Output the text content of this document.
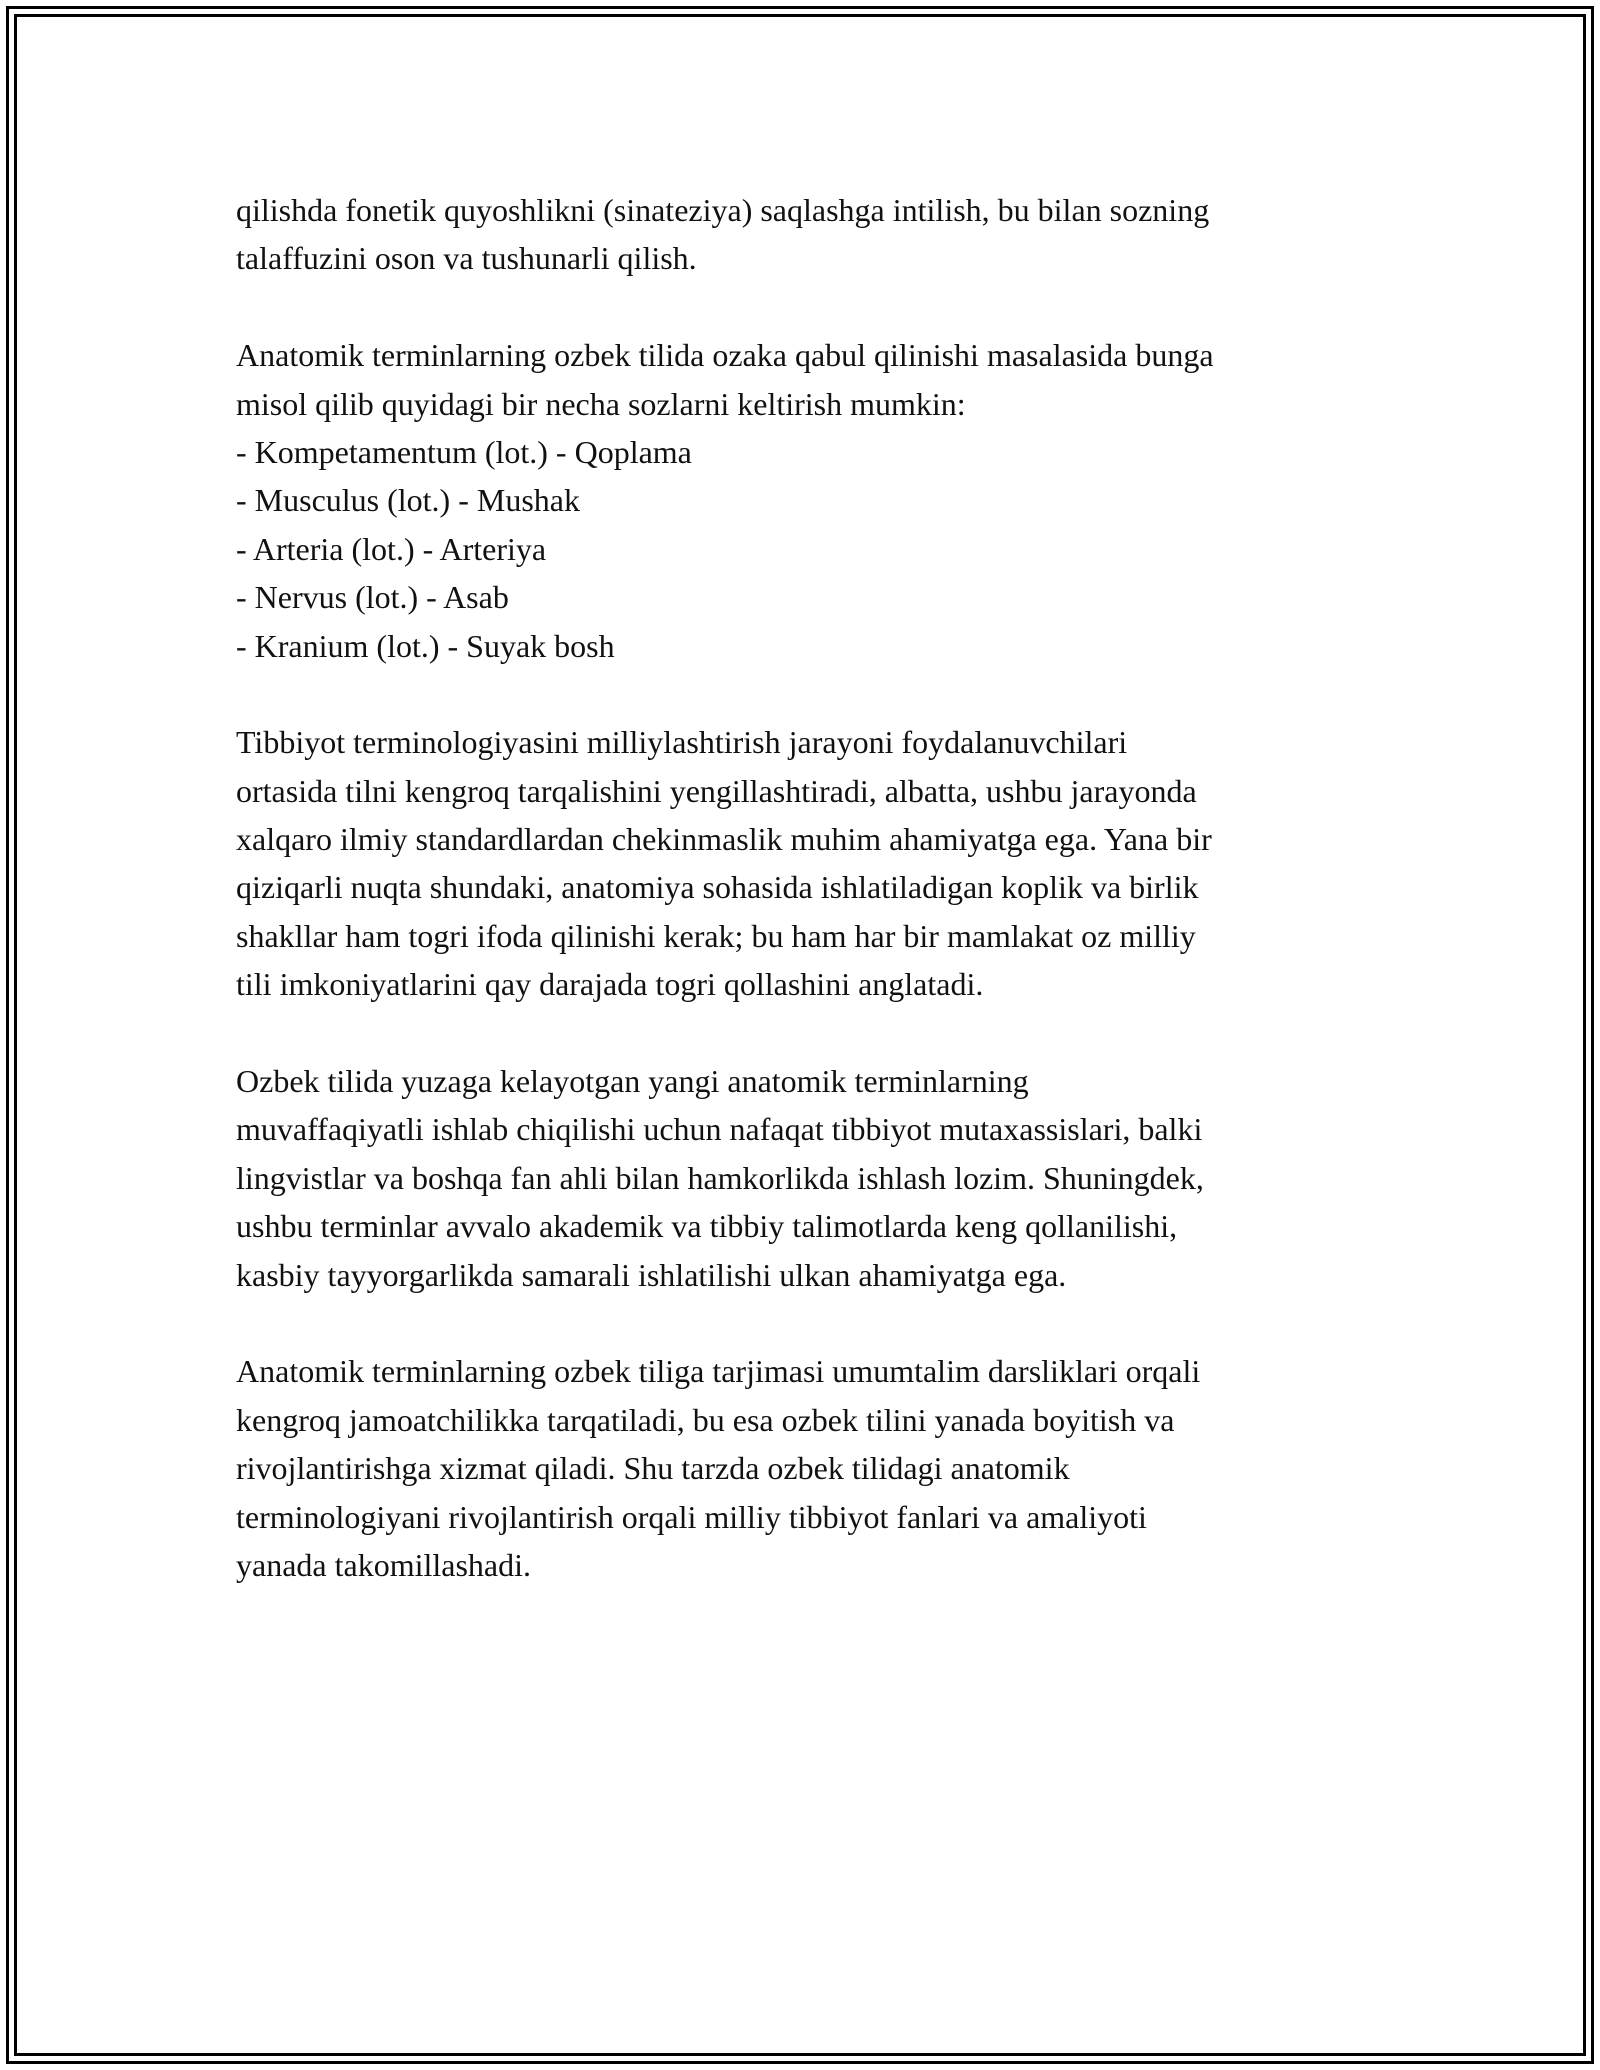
qilishda fonetik quyoshlikni (sinateziya) saqlashga intilish, bu bilan sozning
talaffuzini oson va tushunarli qilish.

Anatomik terminlarning ozbek tilida ozaka qabul qilinishi masalasida bunga
misol qilib quyidagi bir necha sozlarni keltirish mumkin:
- Kompetamentum (lot.) - Qoplama
- Musculus (lot.) - Mushak
- Arteria (lot.) - Arteriya
- Nervus (lot.) - Asab
- Kranium (lot.) - Suyak bosh

Tibbiyot terminologiyasini milliylashtirish jarayoni foydalanuvchilari
ortasida tilni kengroq tarqalishini yengillashtiradi, albatta, ushbu jarayonda
xalqaro ilmiy standardlardan chekinmaslik muhim ahamiyatga ega. Yana bir
qiziqarli nuqta shundaki, anatomiya sohasida ishlatiladigan koplik va birlik
shakllar ham togri ifoda qilinishi kerak; bu ham har bir mamlakat oz milliy
tili imkoniyatlarini qay darajada togri qollashini anglatadi.

Ozbek tilida yuzaga kelayotgan yangi anatomik terminlarning
muvaffaqiyatli ishlab chiqilishi uchun nafaqat tibbiyot mutaxassislari, balki
lingvistlar va boshqa fan ahli bilan hamkorlikda ishlash lozim. Shuningdek,
ushbu terminlar avvalo akademik va tibbiy talimotlarda keng qollanilishi,
kasbiy tayyorgarlikda samarali ishlatilishi ulkan ahamiyatga ega.

Anatomik terminlarning ozbek tiliga tarjimasi umumtalim darsliklari orqali
kengroq jamoatchilikka tarqatiladi, bu esa ozbek tilini yanada boyitish va
rivojlantirishga xizmat qiladi. Shu tarzda ozbek tilidagi anatomik
terminologiyani rivojlantirish orqali milliy tibbiyot fanlari va amaliyoti
yanada takomillashadi.
